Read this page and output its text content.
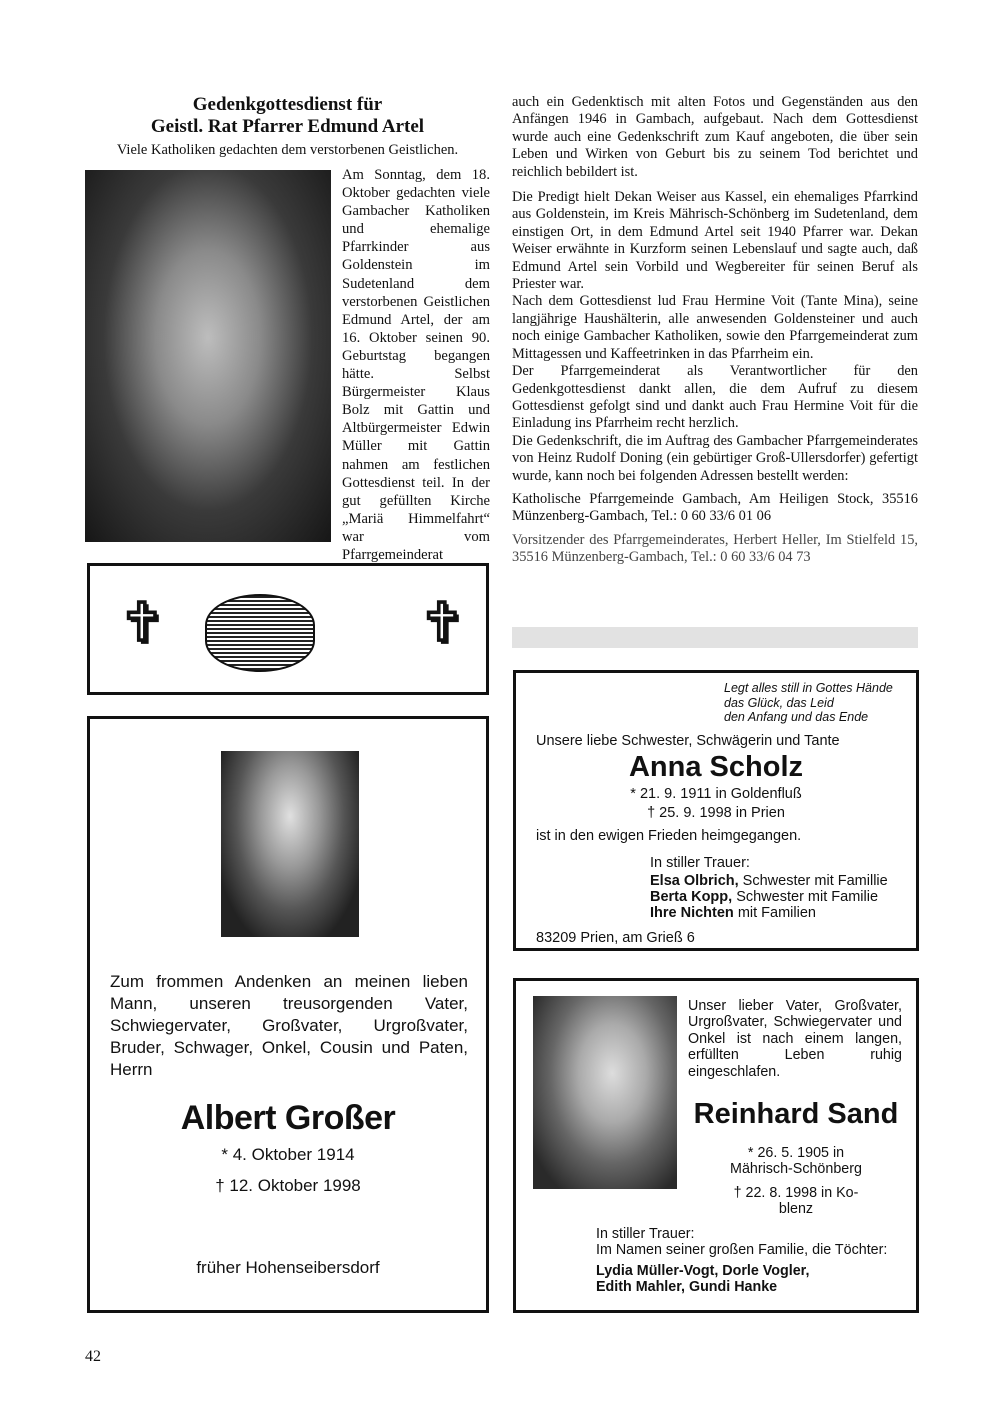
Gedenkgottesdienst für
Geistl. Rat Pfarrer Edmund Artel
Viele Katholiken gedachten dem verstorbenen Geistlichen.
Am Sonntag, dem 18. Oktober gedachten viele Gambacher Katholiken und ehemalige Pfarrkinder aus Goldenstein im Sudetenland dem verstorbenen Geistlichen Edmund Artel, der am 16. Oktober seinen 90. Geburtstag begangen hätte. Selbst Bürgermeister Klaus Bolz mit Gattin und Altbürgermeister Edwin Müller mit Gattin nahmen am festlichen Gottesdienst teil. In der gut gefüllten Kirche „Mariä Himmelfahrt“ war vom Pfarrgemeinderat

auch ein Gedenktisch mit alten Fotos und Gegenständen aus den Anfängen 1946 in Gambach, aufgebaut. Nach dem Gottesdienst wurde auch eine Gedenkschrift zum Kauf angeboten, die über sein Leben und Wirken von Geburt bis zu seinem Tod berichtet und reichlich bebildert ist.

Die Predigt hielt Dekan Weiser aus Kassel, ein ehemaliges Pfarrkind aus Goldenstein, im Kreis Mährisch-Schönberg im Sudetenland, dem einstigen Ort, in dem Edmund Artel seit 1940 Pfarrer war. Dekan Weiser erwähnte in Kurzform seinen Lebenslauf und sagte auch, daß Edmund Artel sein Vorbild und Wegbereiter für seinen Beruf als Priester war.

Nach dem Gottesdienst lud Frau Hermine Voit (Tante Mina), seine langjährige Haushälterin, alle anwesenden Goldensteiner und auch noch einige Gambacher Katholiken, sowie den Pfarrgemeinderat zum Mittagessen und Kaffeetrinken in das Pfarrheim ein.

Der Pfarrgemeinderat als Verantwortlicher für den Gedenkgottesdienst dankt allen, die dem Aufruf zu diesem Gottesdienst gefolgt sind und dankt auch Frau Hermine Voit für die Einladung ins Pfarrheim recht herzlich.

Die Gedenkschrift, die im Auftrag des Gambacher Pfarrgemeinderates von Heinz Rudolf Doning (ein gebürtiger Groß-Ullersdorfer) gefertigt wurde, kann noch bei folgenden Adressen bestellt werden:

Katholische Pfarrgemeinde Gambach, Am Heiligen Stock, 35516 Münzenberg-Gambach, Tel.: 0 60 33/6 01 06

Vorsitzender des Pfarrgemeinderates, Herbert Heller, Im Stielfeld 15, 35516 Münzenberg-Gambach, Tel.: 0 60 33/6 04 73

✝	✝
Zum frommen Andenken an meinen lieben Mann, unseren treusorgenden Vater, Schwiegervater, Großvater, Urgroßvater, Bruder, Schwager, Onkel, Cousin und Paten, Herrn
Albert Großer
* 4. Oktober 1914
† 12. Oktober 1998
früher Hohenseibersdorf
Legt alles still in Gottes Hände
das Glück, das Leid
den Anfang und das Ende
Unsere liebe Schwester, Schwägerin und Tante
Anna Scholz
* 21. 9. 1911 in Goldenfluß
† 25. 9. 1998 in Prien
ist in den ewigen Frieden heimgegangen.
In stiller Trauer:
Elsa Olbrich, Schwester mit Famillie
Berta Kopp, Schwester mit Familie
Ihre Nichten mit Familien
83209 Prien, am Grieß 6
Unser lieber Vater, Großvater, Urgroßvater, Schwiegervater und Onkel ist nach einem langen, erfüllten Leben ruhig eingeschlafen.
Reinhard Sand
* 26. 5. 1905 in
Mährisch-Schönberg
† 22. 8. 1998 in Ko-
blenz
In stiller Trauer:
Im Namen seiner großen Familie, die Töchter:
Lydia Müller-Vogt, Dorle Vogler,
Edith Mahler, Gundi Hanke
42
